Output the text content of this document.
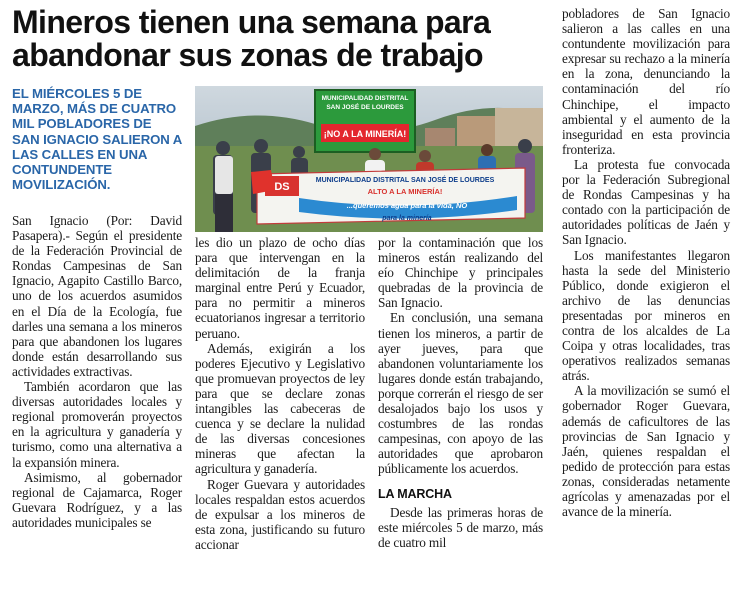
Mineros tienen una semana para abandonar sus zonas de trabajo
EL MIÉRCOLES 5 DE MARZO, MÁS DE CUATRO MIL POBLADORES DE SAN IGNACIO SALIERON A LAS CALLES EN UNA CONTUNDENTE MOVILIZACIÓN.
MUNICIPALIDAD DISTRITAL
SAN JOSÉ DE LOURDES
¡NO A LA MINERÍA!
DS
MUNICIPALIDAD DISTRITAL SAN JOSÉ DE LOURDES
ALTO A LA MINERÍA!
...queremos agua para la vida, NO
para la minería

San Ignacio (Por: David Pasapera).- Según el presidente de la Federación Provincial de Rondas Campesinas de San Ignacio, Agapito Castillo Barco, uno de los acuerdos asumidos en el Día de la Ecología, fue darles una semana a los mineros para que abandonen los lugares donde están desarrollando sus actividades extractivas.

También acordaron que las diversas autoridades locales y regional promoverán proyectos en la agricultura y ganadería y turismo, como una alternativa a la expansión minera.

Asimismo, al gobernador regional de Cajamarca, Roger Guevara Rodríguez, y a las autoridades municipales se

les dio un plazo de ocho días para que intervengan en la delimitación de la franja marginal entre Perú y Ecuador, para no permitir a mineros ecuatorianos ingresar a territorio peruano.

Además, exigirán a los poderes Ejecutivo y Legislativo que promuevan proyectos de ley para que se declare zonas intangibles las cabeceras de cuenca y se declare la nulidad de las diversas concesiones mineras que afectan la agricultura y ganadería.

Roger Guevara y autoridades locales respaldan estos acuerdos de expulsar a los mineros de esta zona, justificando su futuro accionar

por la contaminación que los mineros están realizando del eío Chinchipe y principales quebradas de la provincia de San Ignacio.

En conclusión, una semana tienen los mineros, a partir de ayer jueves, para que abandonen voluntariamente los lugares donde están trabajando, porque correrán el riesgo de ser desalojados bajo los usos y costumbres de las rondas campesinas, con apoyo de las autoridades que aprobaron públicamente los acuerdos.

LA MARCHA

Desde las primeras horas de este miércoles 5 de marzo, más de cuatro mil

pobladores de San Ignacio salieron a las calles en una contundente movilización para expresar su rechazo a la minería en la zona, denunciando la contaminación del río Chinchipe, el impacto ambiental y el aumento de la inseguridad en esta provincia fronteriza.

La protesta fue convocada por la Federación Subregional de Rondas Campesinas y ha contado con la participación de autoridades políticas de Jaén y San Ignacio.

Los manifestantes llegaron hasta la sede del Ministerio Público, donde exigieron el archivo de las denuncias presentadas por mineros en contra de los alcaldes de La Coipa y otras localidades, tras operativos realizados semanas atrás.

A la movilización se sumó el gobernador Roger Guevara, además de caficultores de las provincias de San Ignacio y Jaén, quienes respaldan el pedido de protección para estas zonas, consideradas netamente agrícolas y amenazadas por el avance de la minería.
